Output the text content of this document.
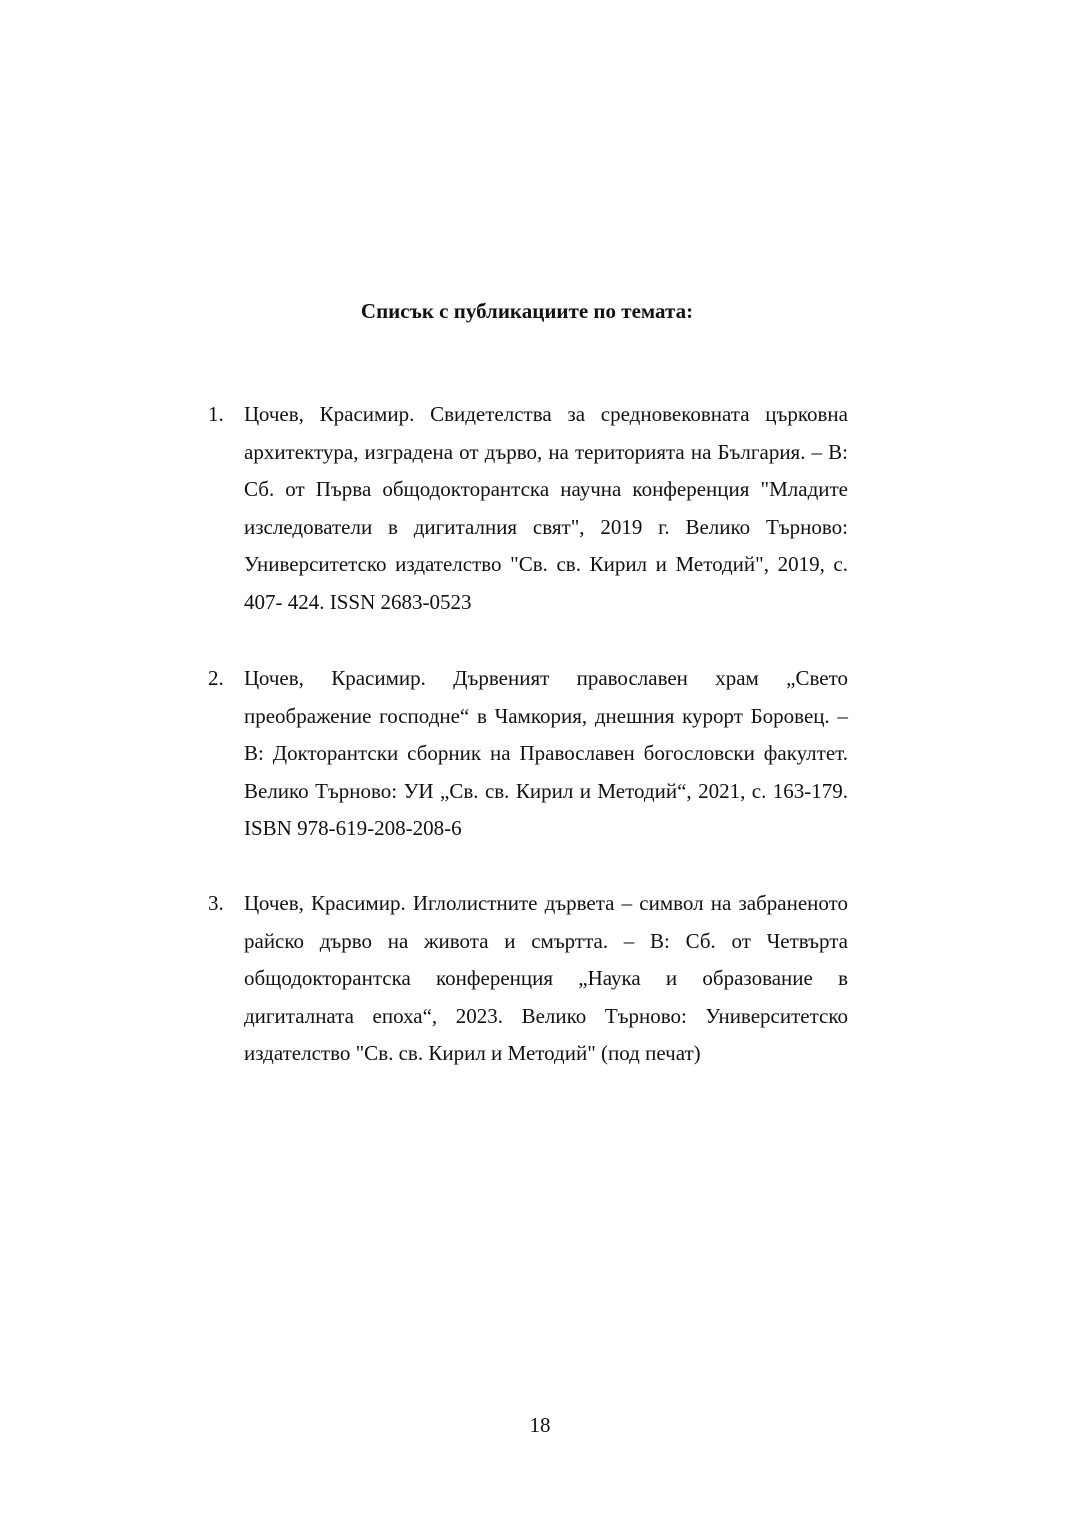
Списък с публикациите по темата:
1. Цочев, Красимир. Свидетелства за средновековната църковна архитектура, изградена от дърво, на територията на България. – В: Сб. от Първа общодокторантска научна конференция "Младите изследователи в дигиталния свят", 2019 г. Велико Търново: Университетско издателство "Св. св. Кирил и Методий", 2019, с. 407- 424. ISSN 2683-0523
2. Цочев, Красимир. Дървеният православен храм „Свето преображение господне“ в Чамкория, днешния курорт Боровец. – В: Докторантски сборник на Православен богословски факултет. Велико Търново: УИ „Св. св. Кирил и Методий“, 2021, с. 163-179. ISBN 978-619-208-208-6
3. Цочев, Красимир. Иглолистните дървета – символ на забраненото райско дърво на живота и смъртта. – В: Сб. от Четвърта общодокторантска конференция „Наука и образование в дигиталната епоха“, 2023. Велико Търново: Университетско издателство "Св. св. Кирил и Методий" (под печат)
18
